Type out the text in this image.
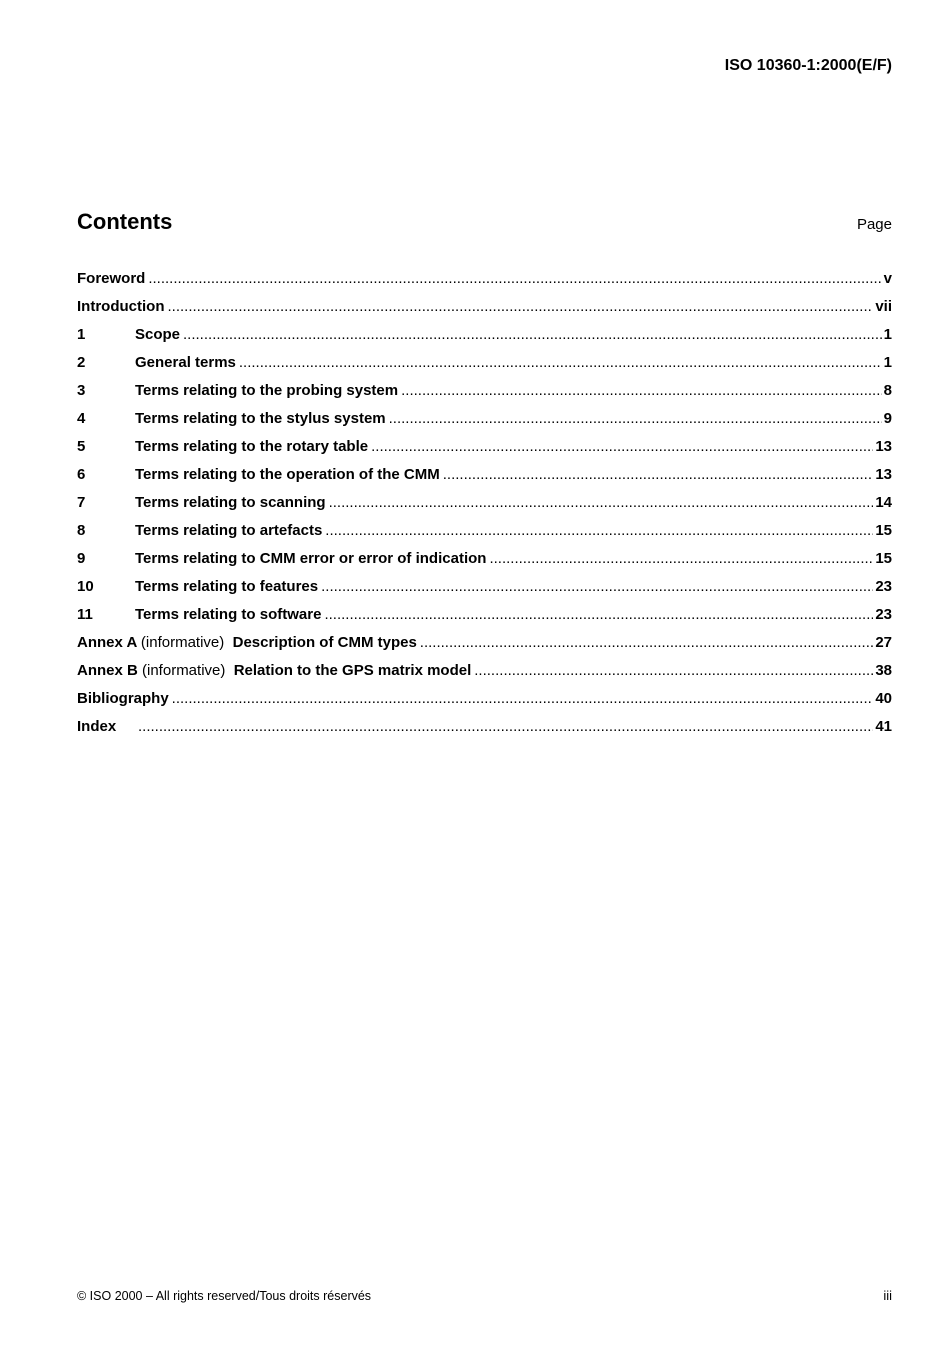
ISO 10360-1:2000(E/F)
Contents	Page
Foreword .....	v
Introduction .....	vii
1	Scope .....	1
2	General terms .....	1
3	Terms relating to the probing system .....	8
4	Terms relating to the stylus system .....	9
5	Terms relating to the rotary table .....	13
6	Terms relating to the operation of the CMM .....	13
7	Terms relating to scanning .....	14
8	Terms relating to artefacts .....	15
9	Terms relating to CMM error or error of indication .....	15
10	Terms relating to features .....	23
11	Terms relating to software .....	23
Annex A (informative) Description of CMM types .....	27
Annex B (informative) Relation to the GPS matrix model .....	38
Bibliography .....	40
Index .....	41
© ISO 2000 – All rights reserved/Tous droits réservés	iii
